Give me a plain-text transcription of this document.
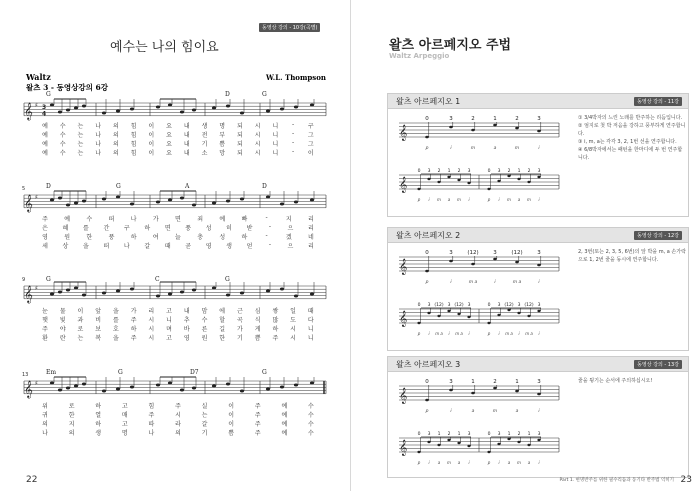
동영상 강의 - 10강(곡별)
예수는 나의 힘이요
Waltz
왈츠 3 - 동영상강의 6강
W.L. Thompson
𝄞 ♯ 3
4
𝄞 ♯
5
𝄞 ♯
9
𝄞 ♯
13
G	D	G
예	수	는	나	의	힘	이	요	내	생	명	되	시	니	-	구
예	수	는	나	의	힘	이	요	내	전	부	되	시	니	-	그
예	수	는	나	의	힘	이	요	내	기	쁨	되	시	니	-	그
예	수	는	나	의	힘	이	요	내	소	망	되	시	니	-	이
D	G	A	D
주	예	수	떠	나	가	면	죄	예	빠	-	지	리
은	혜	를	간	구	하	면	풍	성	히	받	-	으	리
영	원	한	풍	하	여	늘	충	성	하	-	겠	네
세	상	을	떠	나	갈	때	곧	영	생	얻	-	으	리
G	C	G
눈	물	이	앞	을	가	리	고	내	맘	에	근	심	쌓	일	때
햇	빛	과	비	를	주	시	니	추	수	할	곡	식	많	도	다
주	야	로	보	호	하	시	며	바	른	길	가	게	하	시	니
환	란	는	복	을	주	시	고	영	원	한	기	쁨	주	시	니
Em	G	D7	G
위	로	하	고	힘	주	실	이	주	예	수
귀	한	열	매	주	시	는	이	주	예	수
의	지	하	고	따	라	갈	이	주	예	수
나	의	생	명	나	의	기	쁨	주	예	수
22
왈츠 아르페지오 주법
Waltz Arpeggio
왈츠 아르페지오 1	동영상 강의 - 11강
① 3/4박자의 느린 노래를 반주하는 리듬입니다.
② 엄지로 첫 박 저음을 강하고 풍부하게 연주합니다.
③ i, m, a는 각각 3, 2, 1번 선을 연주합니다.
④ 6/8박자에서는 패턴을 한마디에 두 번 연주합니다.
왈츠 아르페지오 2	동영상 강의 - 12강
2, 3번(또는 2, 3, 5, 6번)의 앞 박을 m, a 손가락으로 1, 2번 줄을 동시에 연주합니다.
왈츠 아르페지오 3	동영상 강의 - 13강
줄을 튕기는 순서에 주의하십시오!
𝄞
0
p
3
i
2
m
1
a
2
m
3
i
𝄞
0
p
3
i
2
m
1
a
2
m
3
i
0
p
3
i
2
m
1
a
2
m
3
i
𝄞
0
p
3
i
(12)
m a
3
i
(12)
m a
3
i
𝄞
0
p
3
i
(12)
m a
3
i
(12)
m a
3
i
0
p
3
i
(12)
m a
3
i
(12)
m a
3
i
𝄞
0
p
3
i
1
a
2
m
1
a
3
i
𝄞
0
p
3
i
1
a
2
m
1
a
3
i
0
p
3
i
1
a
2
m
1
a
3
i
Part 1. 현명반주를 위한 필수리듬과 동기타 반주법 익히기 23
